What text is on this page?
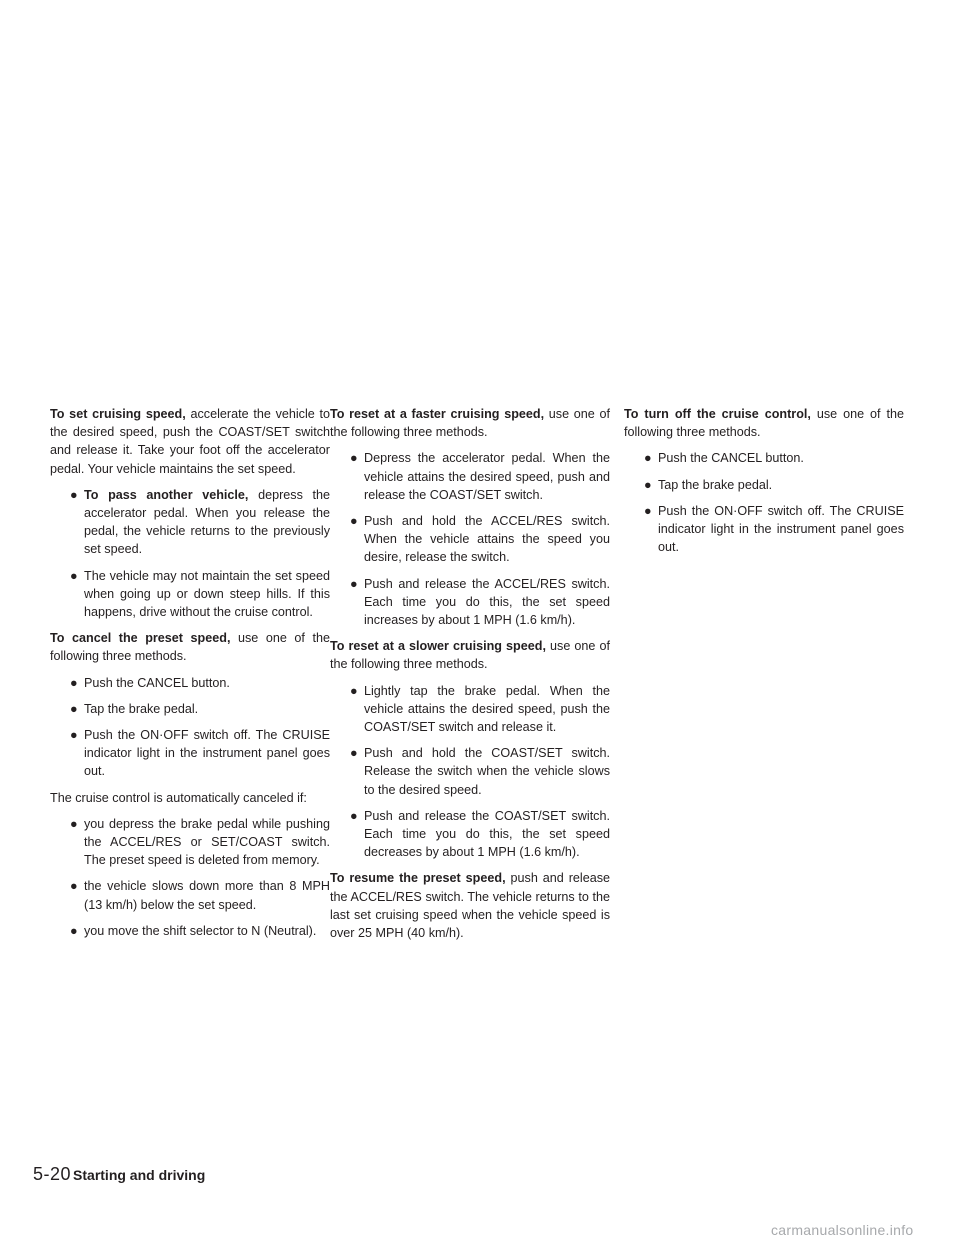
To set cruising speed, accelerate the vehicle to the desired speed, push the COAST/SET switch and release it. Take your foot off the accelerator pedal. Your vehicle maintains the set speed.

● To pass another vehicle, depress the accelerator pedal. When you release the pedal, the vehicle returns to the previously set speed.
● The vehicle may not maintain the set speed when going up or down steep hills. If this happens, drive without the cruise control.

To cancel the preset speed, use one of the following three methods.

● Push the CANCEL button.
● Tap the brake pedal.
● Push the ON·OFF switch off. The CRUISE indicator light in the instrument panel goes out.

The cruise control is automatically canceled if:

● you depress the brake pedal while pushing the ACCEL/RES or SET/COAST switch. The preset speed is deleted from memory.
● the vehicle slows down more than 8 MPH (13 km/h) below the set speed.
● you move the shift selector to N (Neutral).

To reset at a faster cruising speed, use one of the following three methods.

● Depress the accelerator pedal. When the vehicle attains the desired speed, push and release the COAST/SET switch.
● Push and hold the ACCEL/RES switch. When the vehicle attains the speed you desire, release the switch.
● Push and release the ACCEL/RES switch. Each time you do this, the set speed increases by about 1 MPH (1.6 km/h).

To reset at a slower cruising speed, use one of the following three methods.

● Lightly tap the brake pedal. When the vehicle attains the desired speed, push the COAST/SET switch and release it.
● Push and hold the COAST/SET switch. Release the switch when the vehicle slows to the desired speed.
● Push and release the COAST/SET switch. Each time you do this, the set speed decreases by about 1 MPH (1.6 km/h).

To resume the preset speed, push and release the ACCEL/RES switch. The vehicle returns to the last set cruising speed when the vehicle speed is over 25 MPH (40 km/h).

To turn off the cruise control, use one of the following three methods.

● Push the CANCEL button.
● Tap the brake pedal.
● Push the ON·OFF switch off. The CRUISE indicator light in the instrument panel goes out.
5-20 Starting and driving
carmanualsonline.info
